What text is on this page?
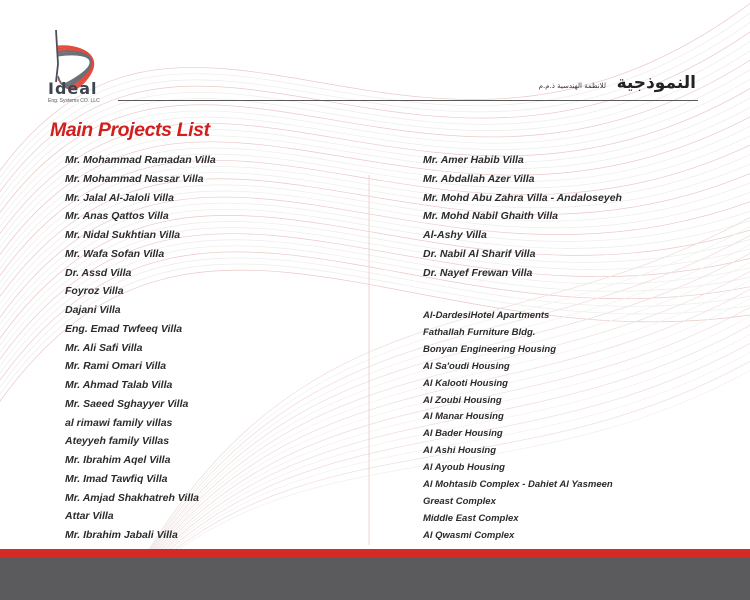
Ideal
Eng. Systems CO. LLC
النموذجية
للانظمة الهندسية ذ.م.م
Main Projects List
Mr. Mohammad Ramadan Villa
Mr. Mohammad Nassar Villa
Mr. Jalal Al-Jaloli Villa
Mr. Anas Qattos Villa
Mr. Nidal Sukhtian Villa
Mr. Wafa Sofan Villa
Dr. Assd Villa
Foyroz Villa
Dajani Villa
Eng. Emad Twfeeq Villa
Mr. Ali Safi Villa
Mr. Rami Omari Villa
Mr. Ahmad Talab Villa
Mr. Saeed Sghayyer Villa
al rimawi family villas
Ateyyeh family Villas
Mr. Ibrahim Aqel Villa
Mr. Imad Tawfiq Villa
Mr. Amjad Shakhatreh Villa
Attar Villa
Mr. Ibrahim Jabali Villa
Mr. Amer Habib Villa
Mr. Abdallah Azer Villa
Mr. Mohd Abu Zahra Villa - Andaloseyeh
Mr. Mohd Nabil Ghaith Villa
Al-Ashy Villa
Dr. Nabil Al Sharif Villa
Dr. Nayef Frewan Villa
Al-DardesiHotel Apartments
Fathallah Furniture Bldg.
Bonyan Engineering Housing
Al Sa'oudi Housing
Al Kalooti Housing
Al Zoubi Housing
Al Manar Housing
Al Bader Housing
Al Ashi Housing
Al Ayoub Housing
Al Mohtasib Complex - Dahiet Al Yasmeen
Greast Complex
Middle East Complex
Al Qwasmi Complex
